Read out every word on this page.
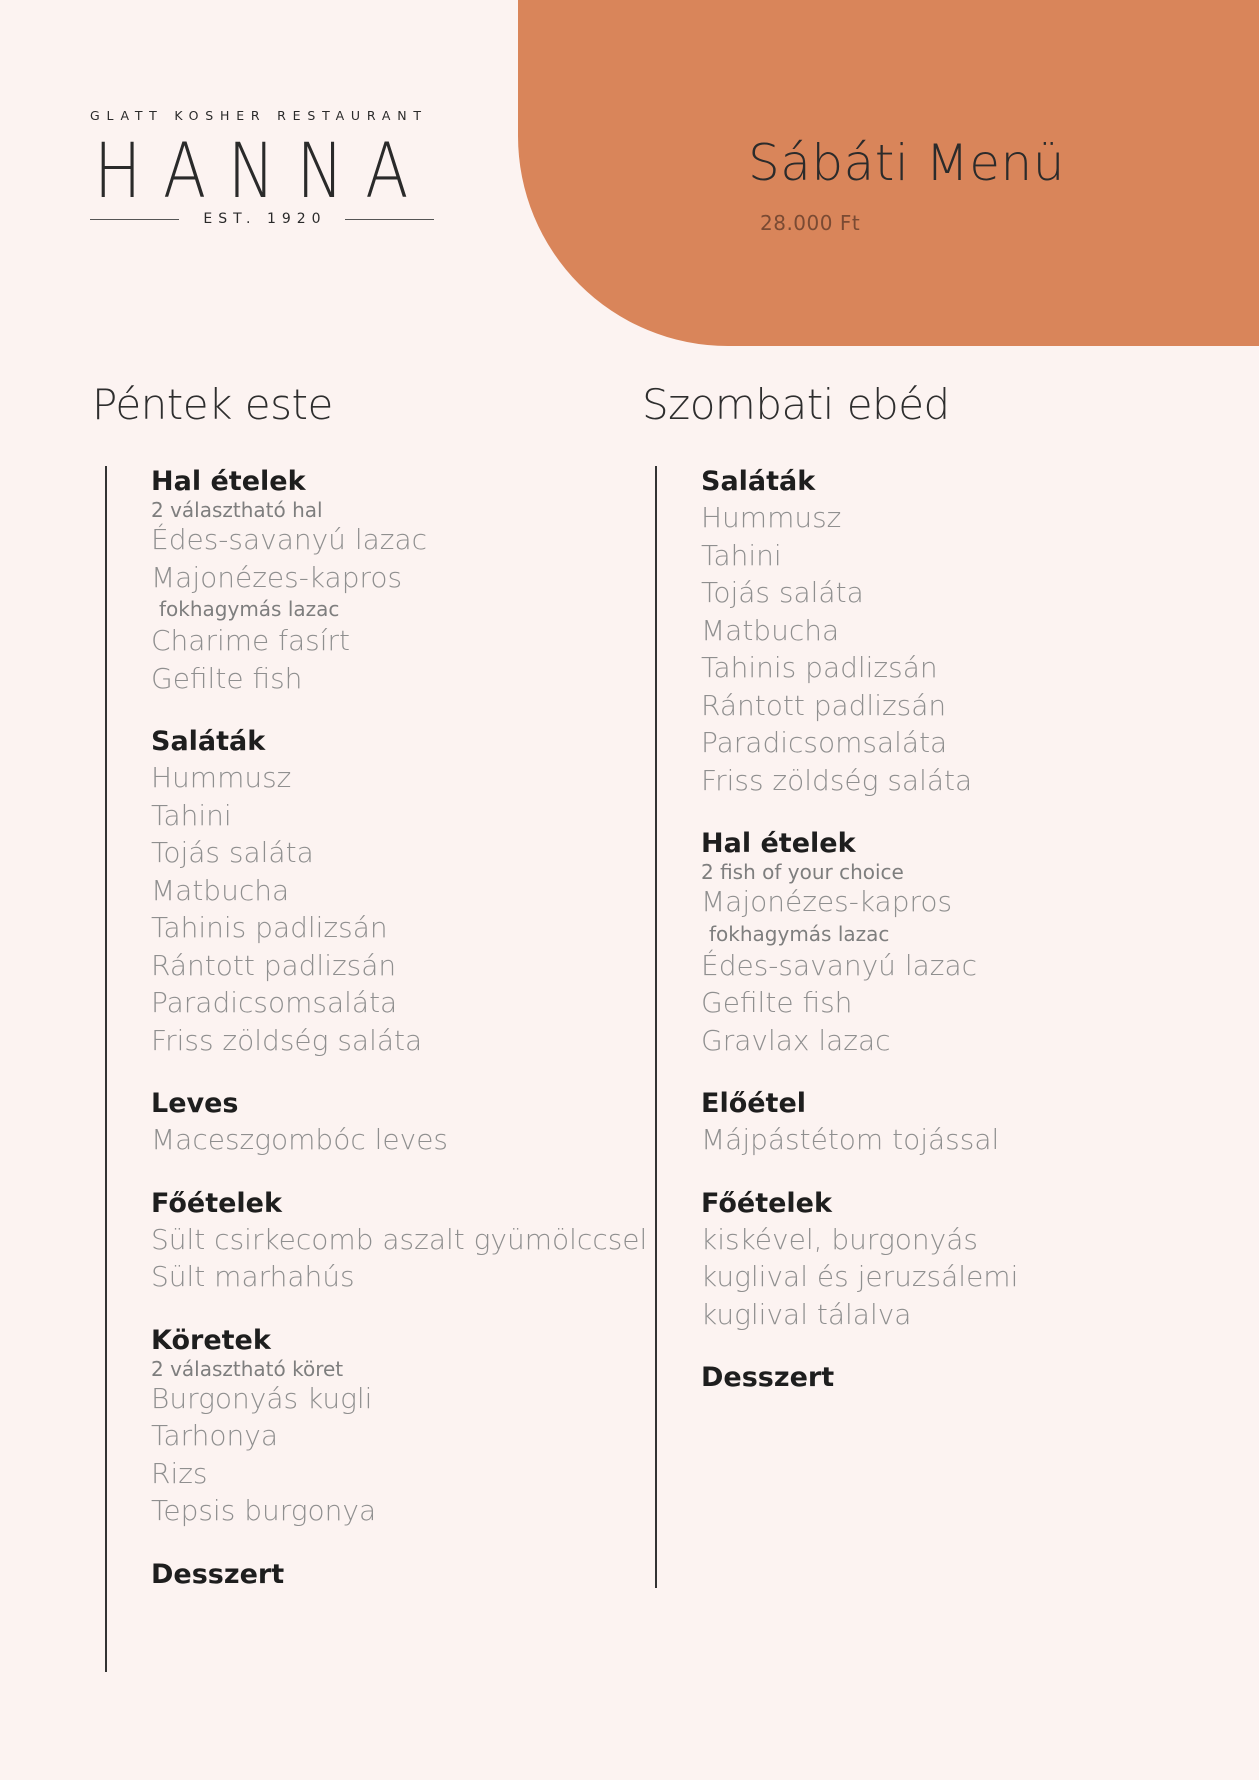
GLATT KOSHER RESTAURANT
HANNA
EST. 1920
Sábáti Menü
28.000 Ft
Péntek este	Szombati ebéd
Hal ételek
2 választható hal
Édes-savanyú lazac
Majonézes-kapros
fokhagymás lazac
Charime fasírt
Gefilte fish
Saláták
Hummusz
Tahini
Tojás saláta
Matbucha
Tahinis padlizsán
Rántott padlizsán
Paradicsomsaláta
Friss zöldség saláta
Leves
Maceszgombóc leves
Főételek
Sült csirkecomb aszalt gyümölccsel
Sült marhahús
Köretek
2 választható köret
Burgonyás kugli
Tarhonya
Rizs
Tepsis burgonya
Desszert
Saláták
Hummusz
Tahini
Tojás saláta
Matbucha
Tahinis padlizsán
Rántott padlizsán
Paradicsomsaláta
Friss zöldség saláta
Hal ételek
2 fish of your choice
Majonézes-kapros
fokhagymás lazac
Édes-savanyú lazac
Gefilte fish
Gravlax lazac
Előétel
Májpástétom tojással
Főételek
kiskével, burgonyás
kuglival és jeruzsálemi
kuglival tálalva
Desszert
